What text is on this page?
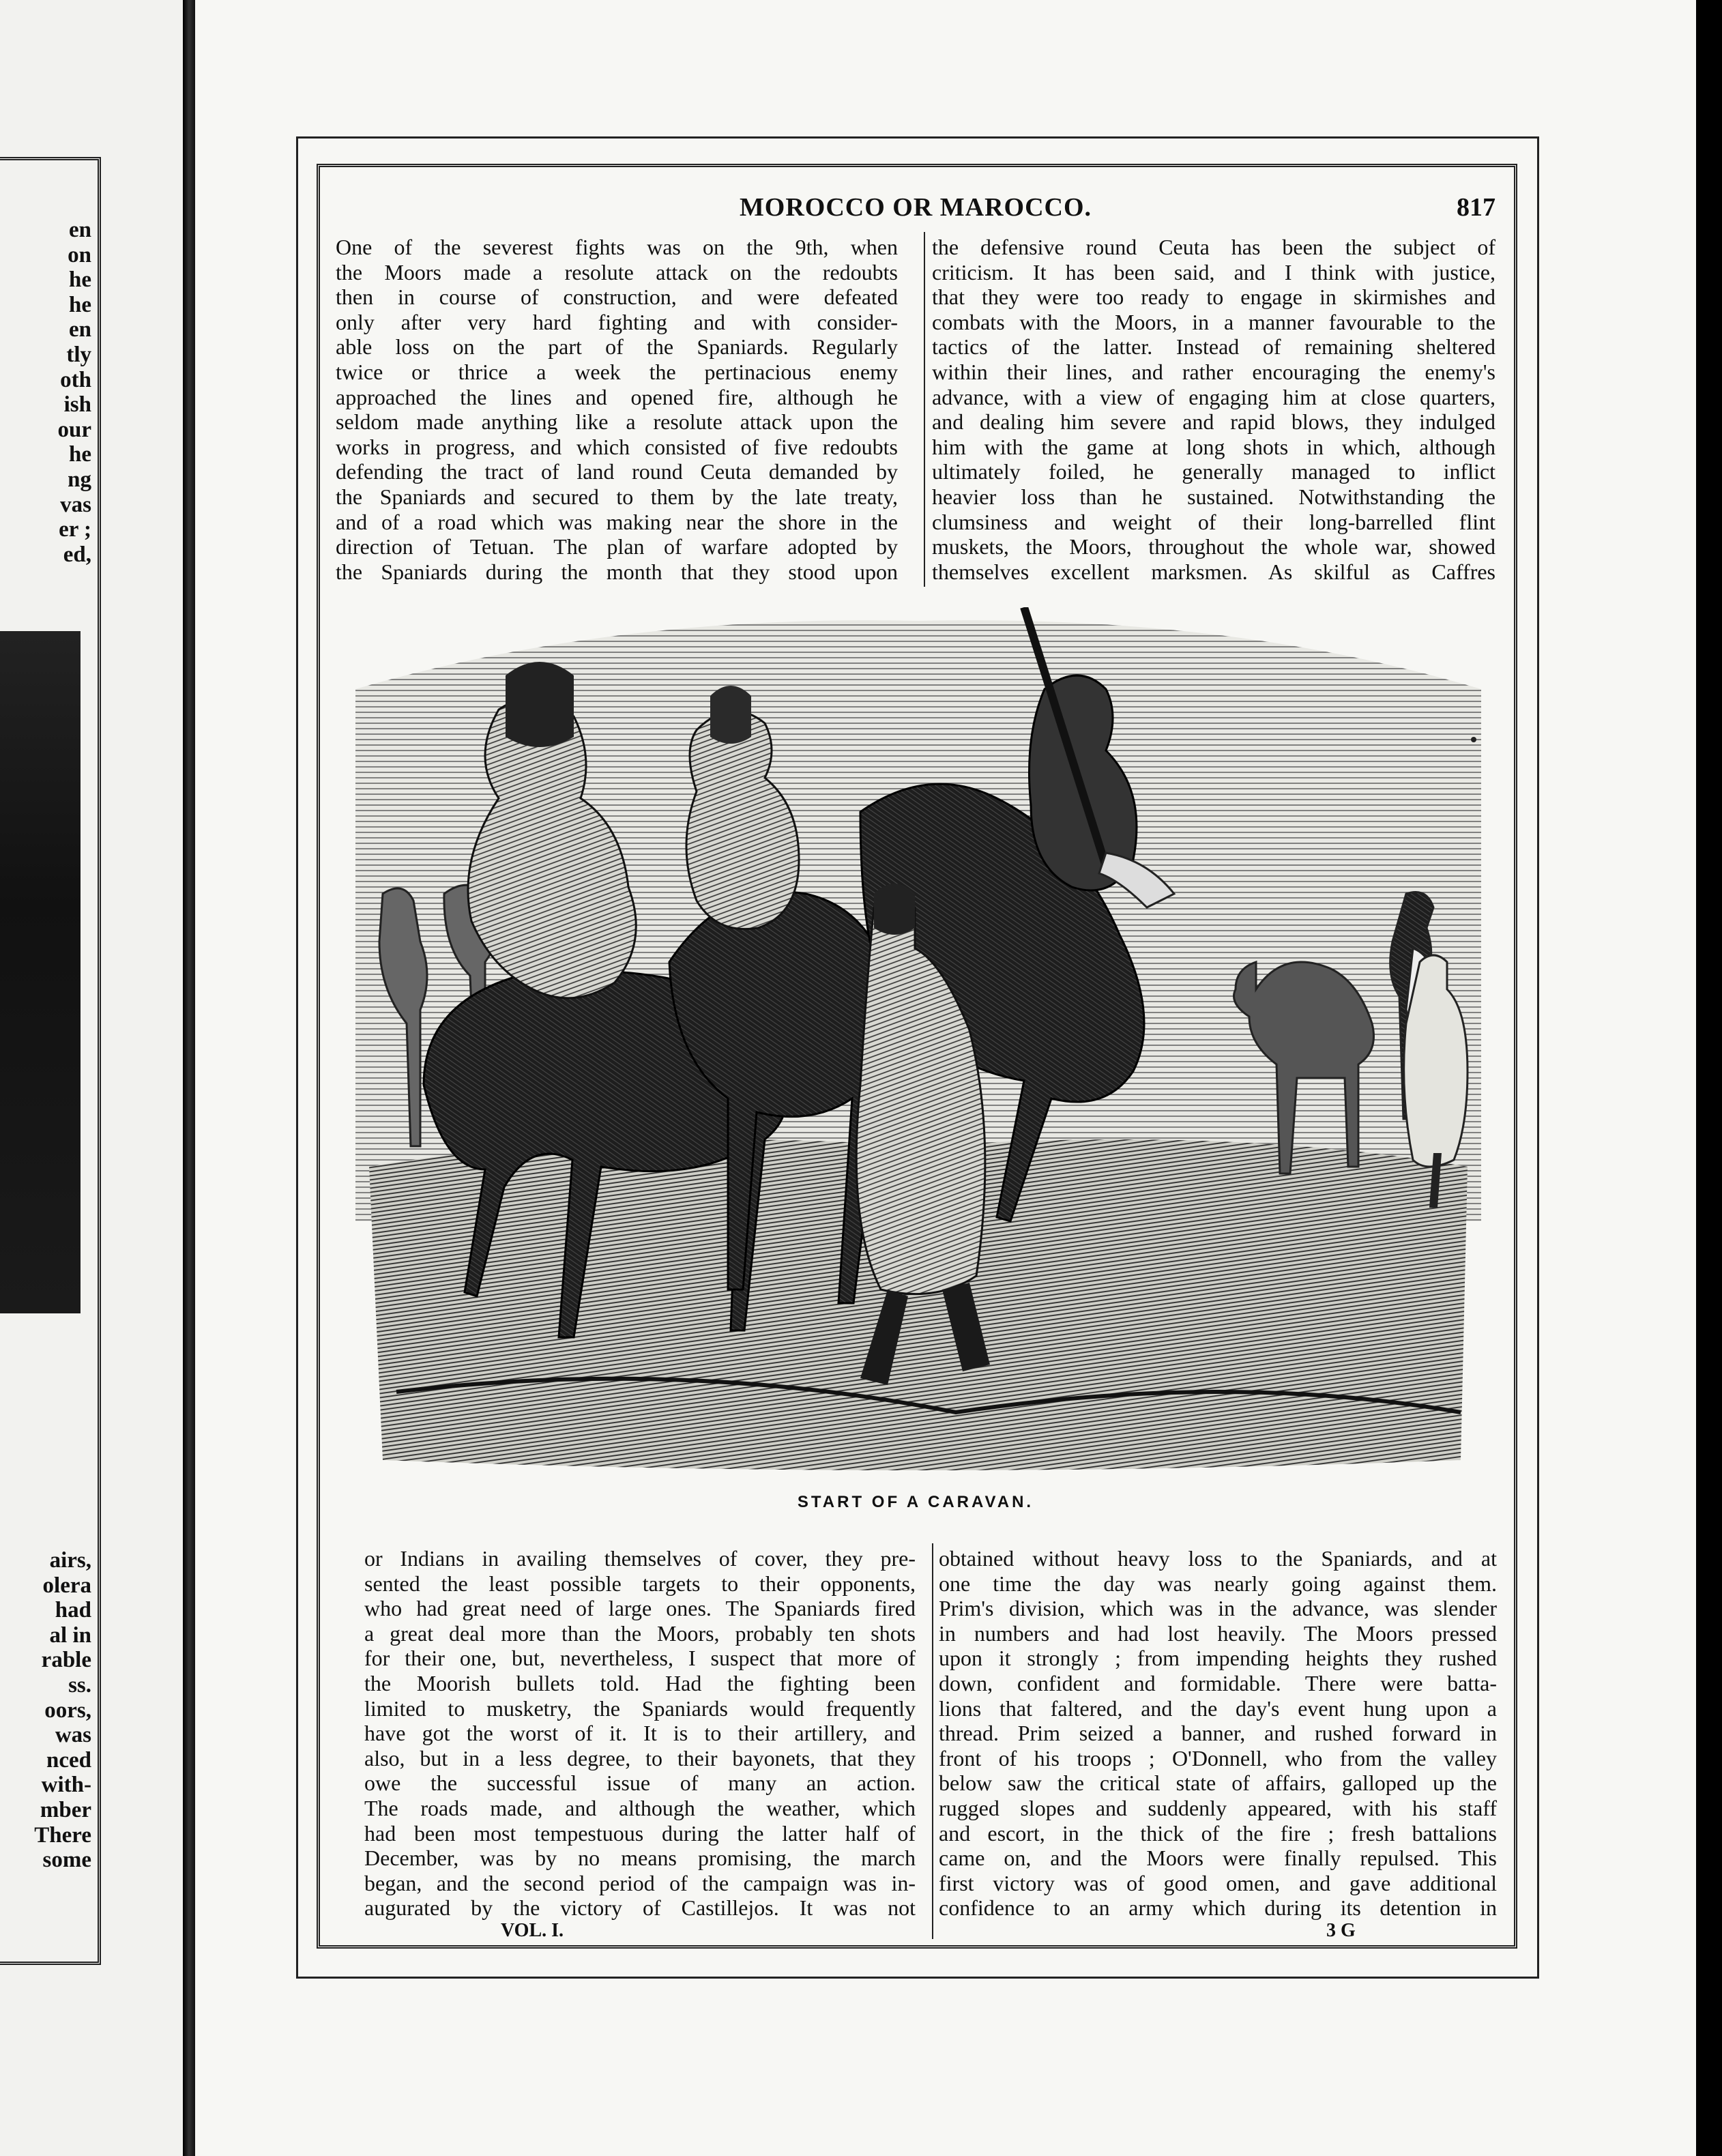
en
on
he
he
en
tly
oth
ish
our
he
ng
vas
er ;
ed,
airs,
olera
had
al in
rable
ss.
oors,
was
nced
with-
mber
There
some
MOROCCO OR MAROCCO.	817
One of the severest fights was on the 9th, when
the Moors made a resolute attack on the redoubts
then in course of construction, and were defeated
only after very hard fighting and with consider-
able loss on the part of the Spaniards. Regularly
twice or thrice a week the pertinacious enemy
approached the lines and opened fire, although he
seldom made anything like a resolute attack upon the
works in progress, and which consisted of five redoubts
defending the tract of land round Ceuta demanded by
the Spaniards and secured to them by the late treaty,
and of a road which was making near the shore in the
direction of Tetuan. The plan of warfare adopted by
the Spaniards during the month that they stood upon
the defensive round Ceuta has been the subject of
criticism. It has been said, and I think with justice,
that they were too ready to engage in skirmishes and
combats with the Moors, in a manner favourable to the
tactics of the latter. Instead of remaining sheltered
within their lines, and rather encouraging the enemy's
advance, with a view of engaging him at close quarters,
and dealing him severe and rapid blows, they indulged
him with the game at long shots in which, although
ultimately foiled, he generally managed to inflict
heavier loss than he sustained. Notwithstanding the
clumsiness and weight of their long-barrelled flint
muskets, the Moors, throughout the whole war, showed
themselves excellent marksmen. As skilful as Caffres
START OF A CARAVAN.
or Indians in availing themselves of cover, they pre-
sented the least possible targets to their opponents,
who had great need of large ones. The Spaniards fired
a great deal more than the Moors, probably ten shots
for their one, but, nevertheless, I suspect that more of
the Moorish bullets told. Had the fighting been
limited to musketry, the Spaniards would frequently
have got the worst of it. It is to their artillery, and
also, but in a less degree, to their bayonets, that they
owe the successful issue of many an action.
The roads made, and although the weather, which
had been most tempestuous during the latter half of
December, was by no means promising, the march
began, and the second period of the campaign was in-
augurated by the victory of Castillejos. It was not
obtained without heavy loss to the Spaniards, and at
one time the day was nearly going against them.
Prim's division, which was in the advance, was slender
in numbers and had lost heavily. The Moors pressed
upon it strongly ; from impending heights they rushed
down, confident and formidable. There were batta-
lions that faltered, and the day's event hung upon a
thread. Prim seized a banner, and rushed forward in
front of his troops ; O'Donnell, who from the valley
below saw the critical state of affairs, galloped up the
rugged slopes and suddenly appeared, with his staff
and escort, in the thick of the fire ; fresh battalions
came on, and the Moors were finally repulsed. This
first victory was of good omen, and gave additional
confidence to an army which during its detention in
VOL. I.	3 G
